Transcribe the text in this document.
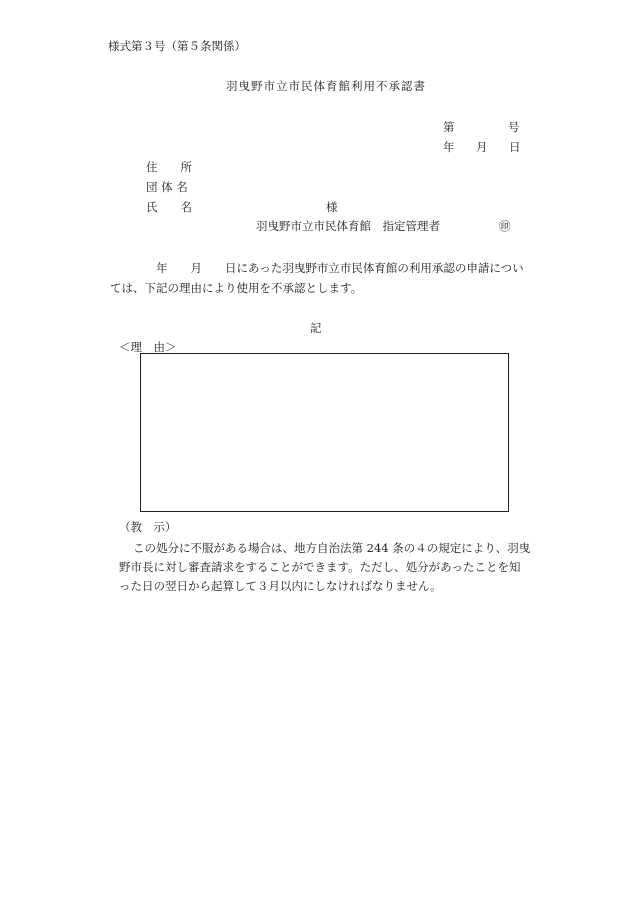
様式第３号（第５条関係）
羽曳野市立市民体育館利用不承認書
第	号
年 月 日
住　　所
団 体 名
氏　　名	様
羽曳野市立市民体育館　指定管理者	㊞
年　　月　　日にあった羽曳野市立市民体育館の利用承認の申請につい
ては、下記の理由により使用を不承認とします。
記
＜理　由＞
（教　示）
この処分に不服がある場合は、地方自治法第 244 条の４の規定により、羽曳
野市長に対し審査請求をすることができます。ただし、処分があったことを知
った日の翌日から起算して３月以内にしなければなりません。
